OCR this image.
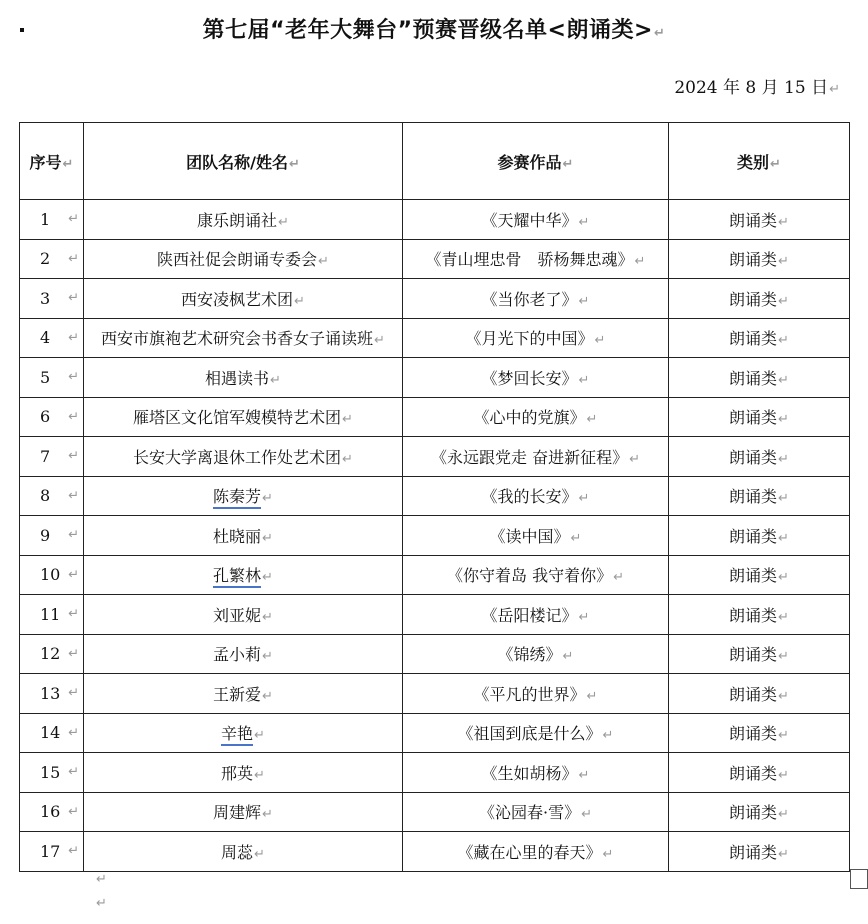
第七届“老年大舞台”预赛晋级名单<朗诵类>↵
2024 年 8 月 15 日↵
序号↵	团队名称/姓名↵	参赛作品↵	类别↵
1 ↵	康乐朗诵社↵	《天耀中华》↵	朗诵类↵
2 ↵	陕西社促会朗诵专委会↵	《青山埋忠骨　骄杨舞忠魂》↵	朗诵类↵
3 ↵	西安凌枫艺术团↵	《当你老了》↵	朗诵类↵
4 ↵	西安市旗袍艺术研究会书香女子诵读班↵	《月光下的中国》↵	朗诵类↵
5 ↵	相遇读书↵	《梦回长安》↵	朗诵类↵
6 ↵	雁塔区文化馆军嫂模特艺术团↵	《心中的党旗》↵	朗诵类↵
7 ↵	长安大学离退休工作处艺术团↵	《永远跟党走 奋进新征程》↵	朗诵类↵
8 ↵	陈秦芳↵	《我的长安》↵	朗诵类↵
9 ↵	杜晓丽↵	《读中国》↵	朗诵类↵
10 ↵	孔繁林↵	《你守着岛 我守着你》↵	朗诵类↵
11 ↵	刘亚妮↵	《岳阳楼记》↵	朗诵类↵
12 ↵	孟小莉↵	《锦绣》↵	朗诵类↵
13 ↵	王新爱↵	《平凡的世界》↵	朗诵类↵
14 ↵	辛艳↵	《祖国到底是什么》↵	朗诵类↵
15 ↵	邢英↵	《生如胡杨》↵	朗诵类↵
16 ↵	周建辉↵	《沁园春·雪》↵	朗诵类↵
17 ↵	周蕊↵	《藏在心里的春天》↵	朗诵类↵
↵
↵
